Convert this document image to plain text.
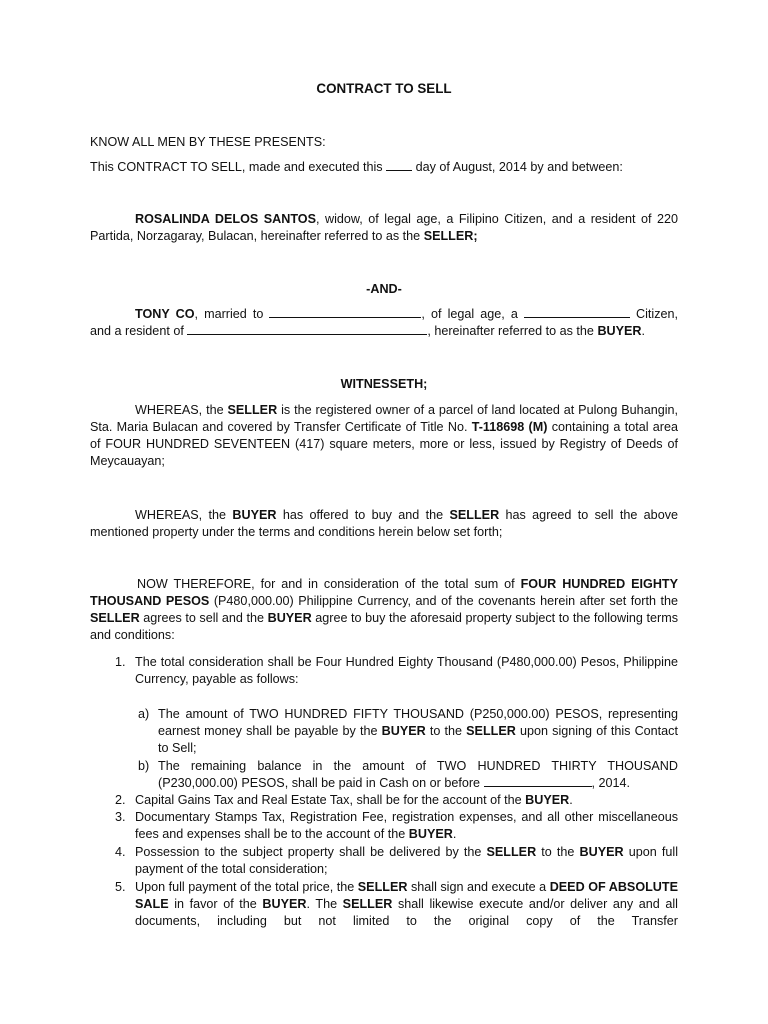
CONTRACT TO SELL
KNOW ALL MEN BY THESE PRESENTS:
This CONTRACT TO SELL, made and executed this  day of August, 2014 by and between:
ROSALINDA DELOS SANTOS, widow, of legal age, a Filipino Citizen, and a resident of 220 Partida, Norzagaray, Bulacan, hereinafter referred to as the SELLER;
-AND-
TONY CO, married to	, of legal age, a	Citizen,
and a resident of	, hereinafter referred to as the BUYER.
WITNESSETH;
WHEREAS, the SELLER is the registered owner of a parcel of land located at Pulong Buhangin, Sta. Maria Bulacan and covered by Transfer Certificate of Title No. T-118698 (M) containing a total area of FOUR HUNDRED SEVENTEEN (417) square meters, more or less, issued by Registry of Deeds of Meycauayan;
WHEREAS, the BUYER has offered to buy and the SELLER has agreed to sell the above mentioned property under the terms and conditions herein below set forth;
NOW THEREFORE, for and in consideration of the total sum of FOUR HUNDRED EIGHTY THOUSAND PESOS (P480,000.00) Philippine Currency, and of the covenants herein after set forth the SELLER agrees to sell and the BUYER agree to buy the aforesaid property subject to the following terms and conditions:
1. The total consideration shall be Four Hundred Eighty Thousand (P480,000.00) Pesos, Philippine Currency, payable as follows:
a) The amount of TWO HUNDRED FIFTY THOUSAND (P250,000.00) PESOS, representing earnest money shall be payable by the BUYER to the SELLER upon signing of this Contact to Sell;
b) The remaining balance in the amount of TWO HUNDRED THIRTY THOUSAND (P230,000.00) PESOS, shall be paid in Cash on or before	, 2014.
2. Capital Gains Tax and Real Estate Tax, shall be for the account of the BUYER.
3. Documentary Stamps Tax, Registration Fee, registration expenses, and all other miscellaneous fees and expenses shall be to the account of the BUYER.
4. Possession to the subject property shall be delivered by the SELLER to the BUYER upon full payment of the total consideration;
5. Upon full payment of the total price, the SELLER shall sign and execute a DEED OF ABSOLUTE SALE in favor of the BUYER. The SELLER shall likewise execute and/or deliver any and all documents, including but not limited to the original copy of the Transfer
